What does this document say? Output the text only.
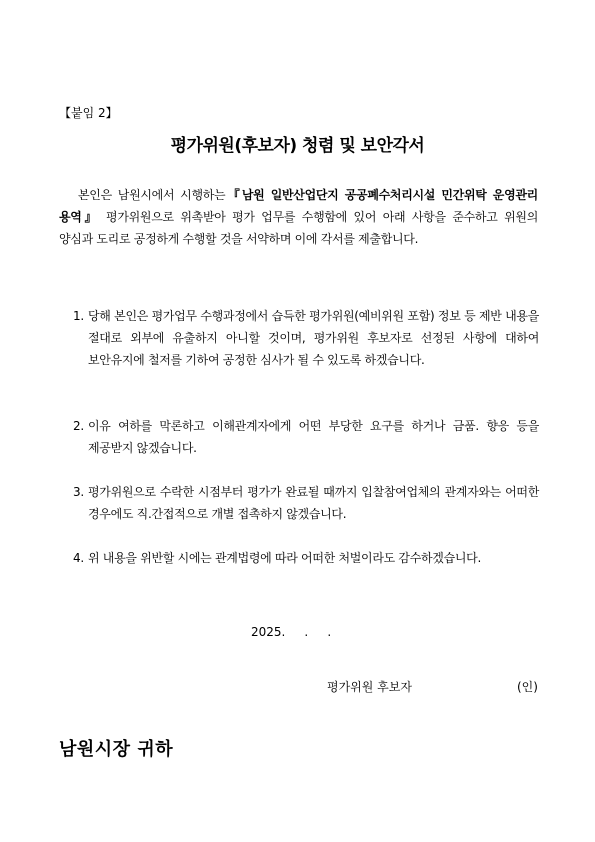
【붙임 2】
평가위원(후보자) 청렴 및 보안각서
본인은 남원시에서 시행하는『남원 일반산업단지 공공폐수처리시설 민간위탁 운영관리 용역』 평가위원으로 위촉받아 평가 업무를 수행함에 있어 아래 사항을 준수하고 위원의 양심과 도리로 공정하게 수행할 것을 서약하며 이에 각서를 제출합니다.
1. 당해 본인은 평가업무 수행과정에서 습득한 평가위원(예비위원 포함) 정보 등 제반 내용을 절대로 외부에 유출하지 아니할 것이며, 평가위원 후보자로 선정된 사항에 대하여 보안유지에 철저를 기하여 공정한 심사가 될 수 있도록 하겠습니다.
2. 이유 여하를 막론하고 이해관계자에게 어떤 부당한 요구를 하거나 금품. 향응 등을 제공받지 않겠습니다.
3. 평가위원으로 수락한 시점부터 평가가 완료될 때까지 입찰참여업체의 관계자와는 어떠한 경우에도 직.간접적으로 개별 접촉하지 않겠습니다.
4. 위 내용을 위반할 시에는 관계법령에 따라 어떠한 처벌이라도 감수하겠습니다.
2025.     .     .
평가위원 후보자	(인)
남원시장 귀하
